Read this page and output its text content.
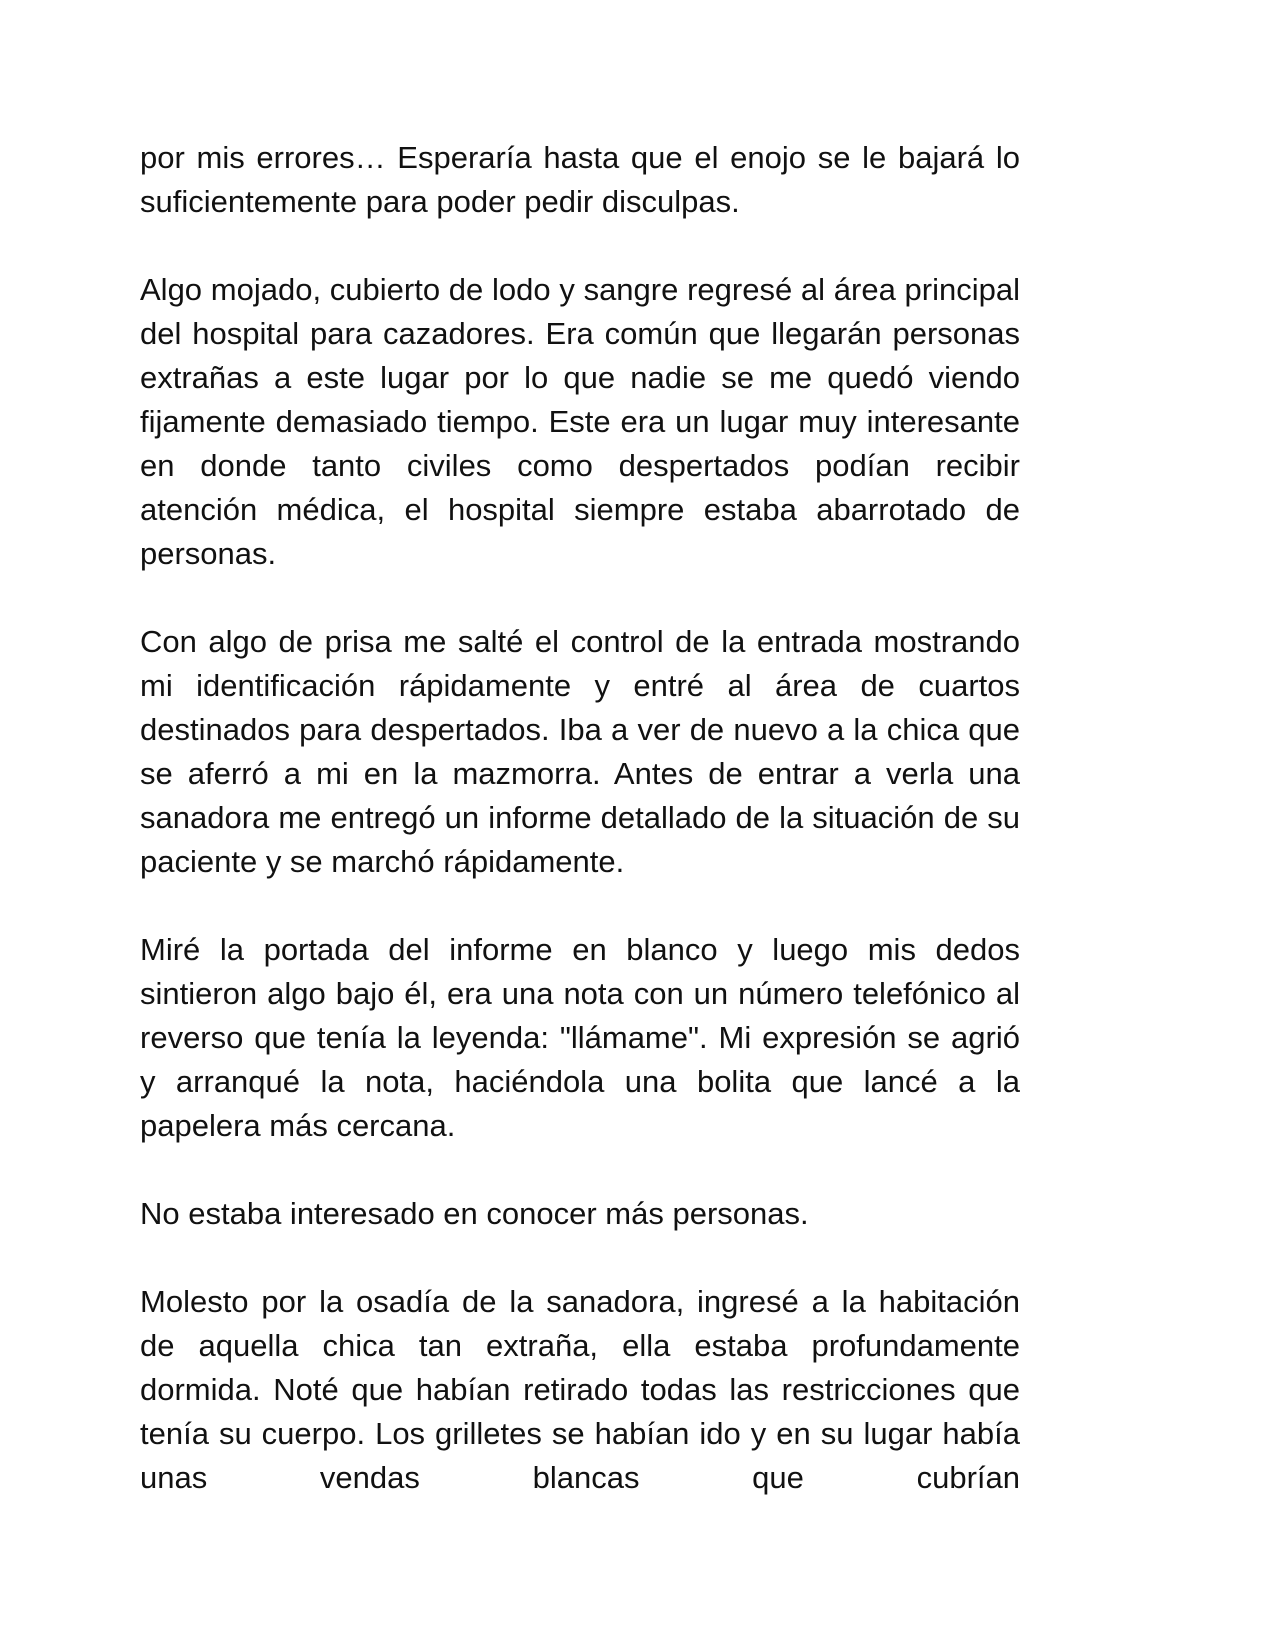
por mis errores… Esperaría hasta que el enojo se le bajará lo suficientemente para poder pedir disculpas.

Algo mojado, cubierto de lodo y sangre regresé al área principal del hospital para cazadores. Era común que llegarán personas extrañas a este lugar por lo que nadie se me quedó viendo fijamente demasiado tiempo. Este era un lugar muy interesante en donde tanto civiles como despertados podían recibir atención médica, el hospital siempre estaba abarrotado de personas.

Con algo de prisa me salté el control de la entrada mostrando mi identificación rápidamente y entré al área de cuartos destinados para despertados. Iba a ver de nuevo a la chica que se aferró a mi en la mazmorra. Antes de entrar a verla una sanadora me entregó un informe detallado de la situación de su paciente y se marchó rápidamente.

Miré la portada del informe en blanco y luego mis dedos sintieron algo bajo él, era una nota con un número telefónico al reverso que tenía la leyenda: "llámame". Mi expresión se agrió y arranqué la nota, haciéndola una bolita que lancé a la papelera más cercana.

No estaba interesado en conocer más personas.

Molesto por la osadía de la sanadora, ingresé a la habitación de aquella chica tan extraña, ella estaba profundamente dormida. Noté que habían retirado todas las restricciones que tenía su cuerpo. Los grilletes se habían ido y en su lugar había unas vendas blancas que cubrían
